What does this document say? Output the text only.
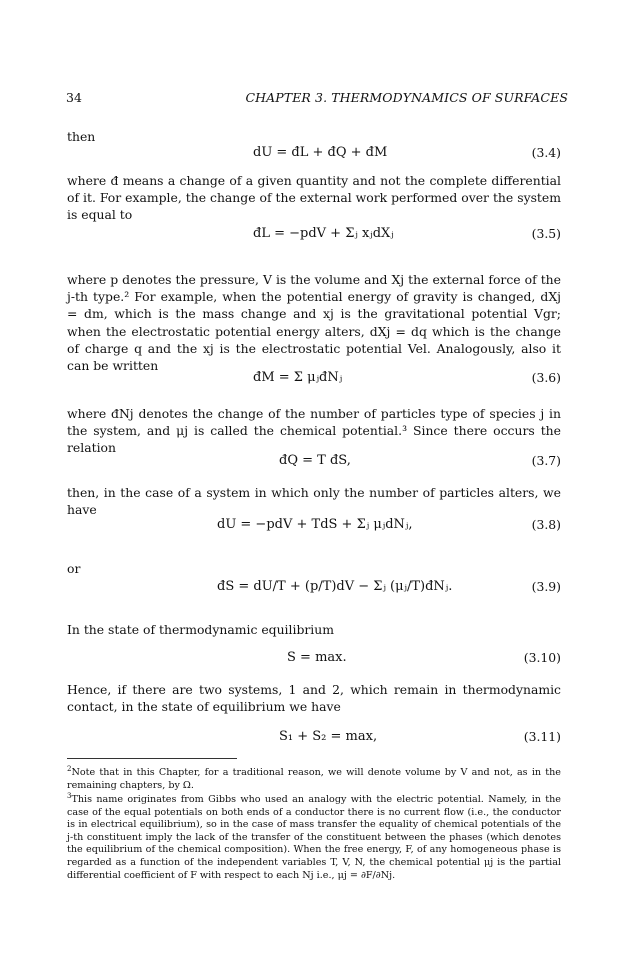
34	CHAPTER 3. THERMODYNAMICS OF SURFACES

then

dU = đL + đQ + đM	(3.4)

where đ means a change of a given quantity and not the complete differential of it. For example, the change of the external work performed over the system is equal to

đL = −pdV + Σⱼ xⱼdXⱼ	(3.5)

where p denotes the pressure, V is the volume and Xj the external force of the j-th type.² For example, when the potential energy of gravity is changed, dXj = dm, which is the mass change and xj is the gravitational potential Vgr; when the electrostatic potential energy alters, dXj = dq which is the change of charge q and the xj is the electrostatic potential Vel. Analogously, also it can be written

đM = Σ μⱼđNⱼ	(3.6)

where đNj denotes the change of the number of particles type of species j in the system, and μj is called the chemical potential.³ Since there occurs the relation

đQ = T đS,	(3.7)

then, in the case of a system in which only the number of particles alters, we have

dU = −pdV + TdS + Σⱼ μⱼdNⱼ,	(3.8)

or

đS = dU/T + (p/T)dV − Σⱼ (μⱼ/T)đNⱼ.	(3.9)

In the state of thermodynamic equilibrium

S = max.	(3.10)

Hence, if there are two systems, 1 and 2, which remain in thermodynamic contact, in the state of equilibrium we have

S₁ + S₂ = max,	(3.11)

$^2$Note that in this Chapter, for a traditional reason, we will denote volume by V and not, as in the remaining chapters, by Ω.

$^3$This name originates from Gibbs who used an analogy with the electric potential. Namely, in the case of the equal potentials on both ends of a conductor there is no current flow (i.e., the conductor is in electrical equilibrium), so in the case of mass transfer the equality of chemical potentials of the j-th constituent imply the lack of the transfer of the constituent between the phases (which denotes the equilibrium of the chemical composition). When the free energy, F, of any homogeneous phase is regarded as a function of the independent variables T, V, N, the chemical potential μj is the partial differential coefficient of F with respect to each Nj i.e., μj = ∂F/∂Nj.
